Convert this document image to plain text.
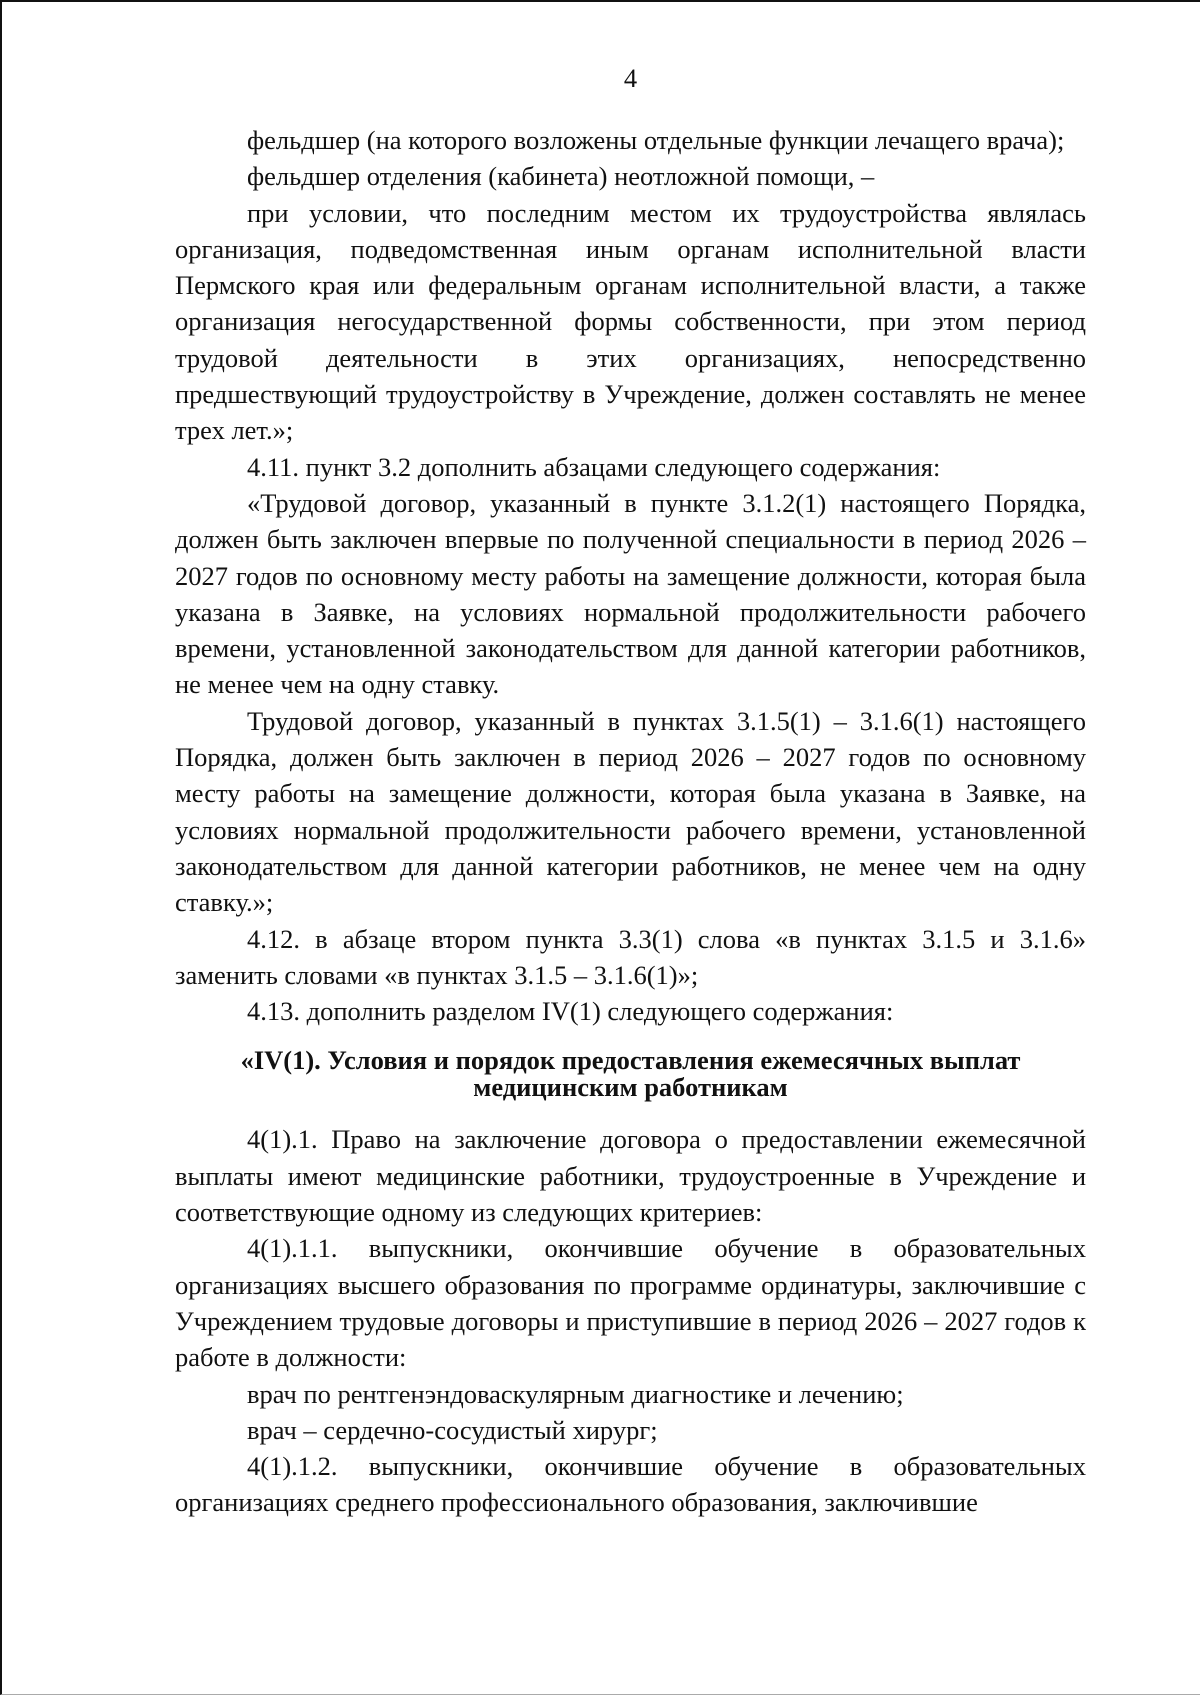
4

фельдшер (на которого возложены отдельные функции лечащего врача);

фельдшер отделения (кабинета) неотложной помощи, –

при условии, что последним местом их трудоустройства являлась организация, подведомственная иным органам исполнительной власти Пермского края или федеральным органам исполнительной власти, а также организация негосударственной формы собственности, при этом период трудовой деятельности в этих организациях, непосредственно предшествующий трудоустройству в Учреждение, должен составлять не менее трех лет.»;

4.11. пункт 3.2 дополнить абзацами следующего содержания:

«Трудовой договор, указанный в пункте 3.1.2(1) настоящего Порядка, должен быть заключен впервые по полученной специальности в период 2026 – 2027 годов по основному месту работы на замещение должности, которая была указана в Заявке, на условиях нормальной продолжительности рабочего времени, установленной законодательством для данной категории работников, не менее чем на одну ставку.

Трудовой договор, указанный в пунктах 3.1.5(1) – 3.1.6(1) настоящего Порядка, должен быть заключен в период 2026 – 2027 годов по основному месту работы на замещение должности, которая была указана в Заявке, на условиях нормальной продолжительности рабочего времени, установленной законодательством для данной категории работников, не менее чем на одну ставку.»;

4.12. в абзаце втором пункта 3.3(1) слова «в пунктах 3.1.5 и 3.1.6» заменить словами «в пунктах 3.1.5 – 3.1.6(1)»;

4.13. дополнить разделом IV(1) следующего содержания:

«IV(1). Условия и порядок предоставления ежемесячных выплат
медицинским работникам

4(1).1. Право на заключение договора о предоставлении ежемесячной выплаты имеют медицинские работники, трудоустроенные в Учреждение и соответствующие одному из следующих критериев:

4(1).1.1. выпускники, окончившие обучение в образовательных организациях высшего образования по программе ординатуры, заключившие с Учреждением трудовые договоры и приступившие в период 2026 – 2027 годов к работе в должности:

врач по рентгенэндоваскулярным диагностике и лечению;

врач – сердечно-сосудистый хирург;

4(1).1.2. выпускники, окончившие обучение в образовательных организациях среднего профессионального образования, заключившие
